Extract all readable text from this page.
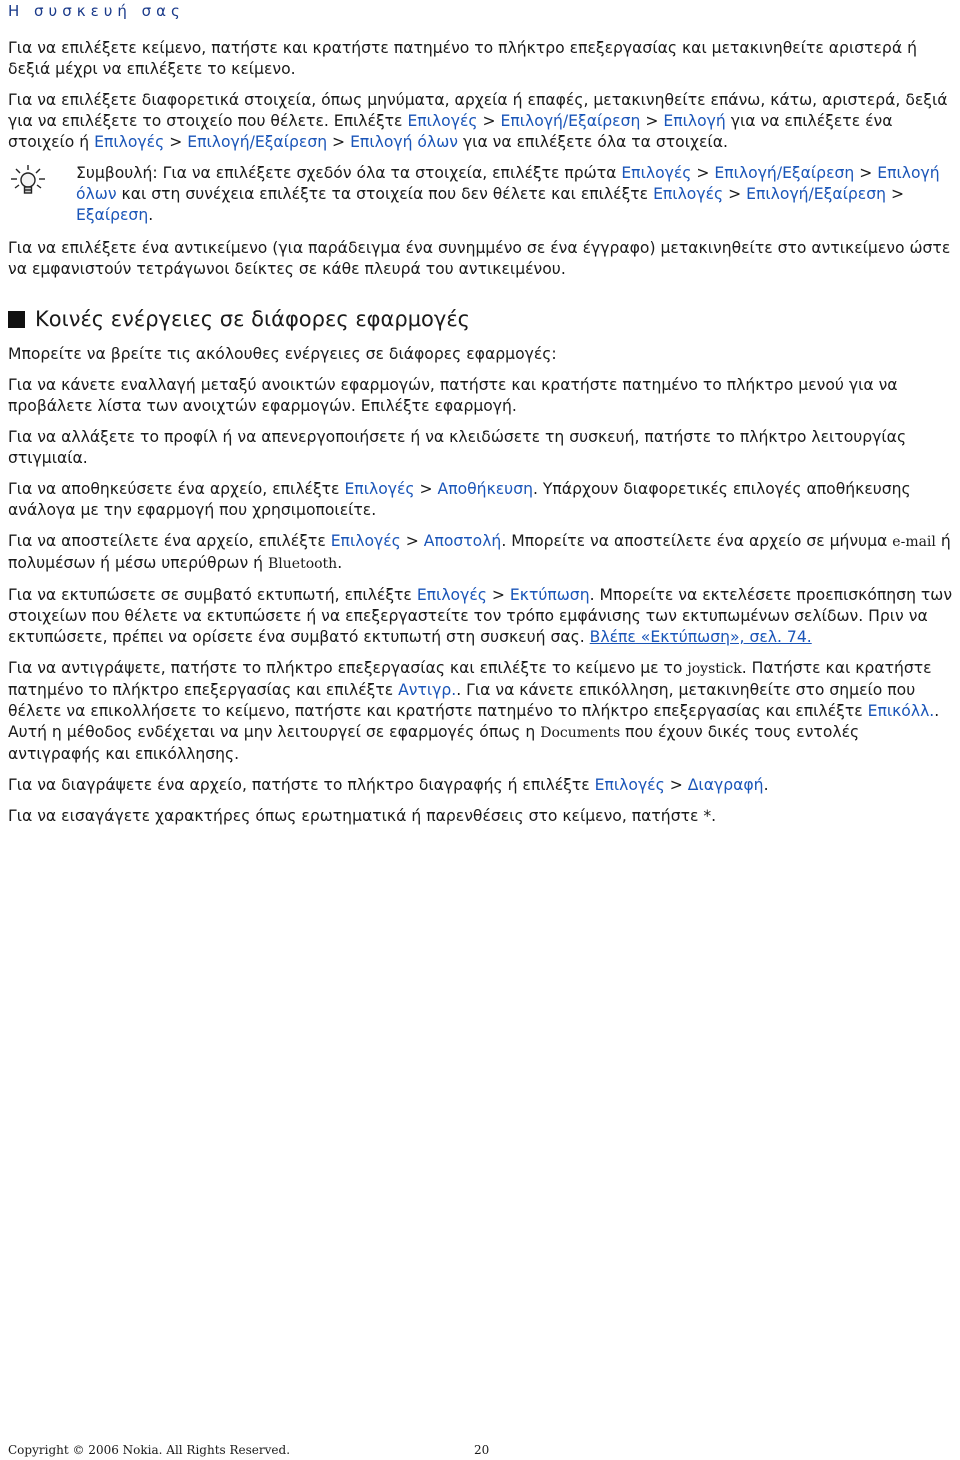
Η συσκευή σας

Για να επιλέξετε κείμενο, πατήστε και κρατήστε πατημένο το πλήκτρο επεξεργασίας και μετακινηθείτε αριστερά ή δεξιά μέχρι να επιλέξετε το κείμενο.

Για να επιλέξετε διαφορετικά στοιχεία, όπως μηνύματα, αρχεία ή επαφές, μετακινηθείτε επάνω, κάτω, αριστερά, δεξιά για να επιλέξετε το στοιχείο που θέλετε. Επιλέξτε Επιλογές > Επιλογή/Εξαίρεση > Επιλογή για να επιλέξετε ένα στοιχείο ή Επιλογές > Επιλογή/Εξαίρεση > Επιλογή όλων για να επιλέξετε όλα τα στοιχεία.

Συμβουλή: Για να επιλέξετε σχεδόν όλα τα στοιχεία, επιλέξτε πρώτα Επιλογές > Επιλογή/Εξαίρεση > Επιλογή όλων και στη συνέχεια επιλέξτε τα στοιχεία που δεν θέλετε και επιλέξτε Επιλογές > Επιλογή/Εξαίρεση > Εξαίρεση.

Για να επιλέξετε ένα αντικείμενο (για παράδειγμα ένα συνημμένο σε ένα έγγραφο) μετακινηθείτε στο αντικείμενο ώστε να εμφανιστούν τετράγωνοι δείκτες σε κάθε πλευρά του αντικειμένου.

Κοινές ενέργειες σε διάφορες εφαρμογές

Μπορείτε να βρείτε τις ακόλουθες ενέργειες σε διάφορες εφαρμογές:

Για να κάνετε εναλλαγή μεταξύ ανοικτών εφαρμογών, πατήστε και κρατήστε πατημένο το πλήκτρο μενού για να προβάλετε λίστα των ανοιχτών εφαρμογών. Επιλέξτε εφαρμογή.

Για να αλλάξετε το προφίλ ή να απενεργοποιήσετε ή να κλειδώσετε τη συσκευή, πατήστε το πλήκτρο λειτουργίας στιγμιαία.

Για να αποθηκεύσετε ένα αρχείο, επιλέξτε Επιλογές > Αποθήκευση. Υπάρχουν διαφορετικές επιλογές αποθήκευσης ανάλογα με την εφαρμογή που χρησιμοποιείτε.

Για να αποστείλετε ένα αρχείο, επιλέξτε Επιλογές > Αποστολή. Μπορείτε να αποστείλετε ένα αρχείο σε μήνυμα e-mail ή πολυμέσων ή μέσω υπερύθρων ή Bluetooth.

Για να εκτυπώσετε σε συμβατό εκτυπωτή, επιλέξτε Επιλογές > Εκτύπωση. Μπορείτε να εκτελέσετε προεπισκόπηση των στοιχείων που θέλετε να εκτυπώσετε ή να επεξεργαστείτε τον τρόπο εμφάνισης των εκτυπωμένων σελίδων. Πριν να εκτυπώσετε, πρέπει να ορίσετε ένα συμβατό εκτυπωτή στη συσκευή σας. Βλέπε «Εκτύπωση», σελ. 74.

Για να αντιγράψετε, πατήστε το πλήκτρο επεξεργασίας και επιλέξτε το κείμενο με το joystick. Πατήστε και κρατήστε πατημένο το πλήκτρο επεξεργασίας και επιλέξτε Αντιγρ.. Για να κάνετε επικόλληση, μετακινηθείτε στο σημείο που θέλετε να επικολλήσετε το κείμενο, πατήστε και κρατήστε πατημένο το πλήκτρο επεξεργασίας και επιλέξτε Επικόλλ.. Αυτή η μέθοδος ενδέχεται να μην λειτουργεί σε εφαρμογές όπως η Documents που έχουν δικές τους εντολές αντιγραφής και επικόλλησης.

Για να διαγράψετε ένα αρχείο, πατήστε το πλήκτρο διαγραφής ή επιλέξτε Επιλογές > Διαγραφή.

Για να εισαγάγετε χαρακτήρες όπως ερωτηματικά ή παρενθέσεις στο κείμενο, πατήστε *.

Copyright © 2006 Nokia. All Rights Reserved.	20
